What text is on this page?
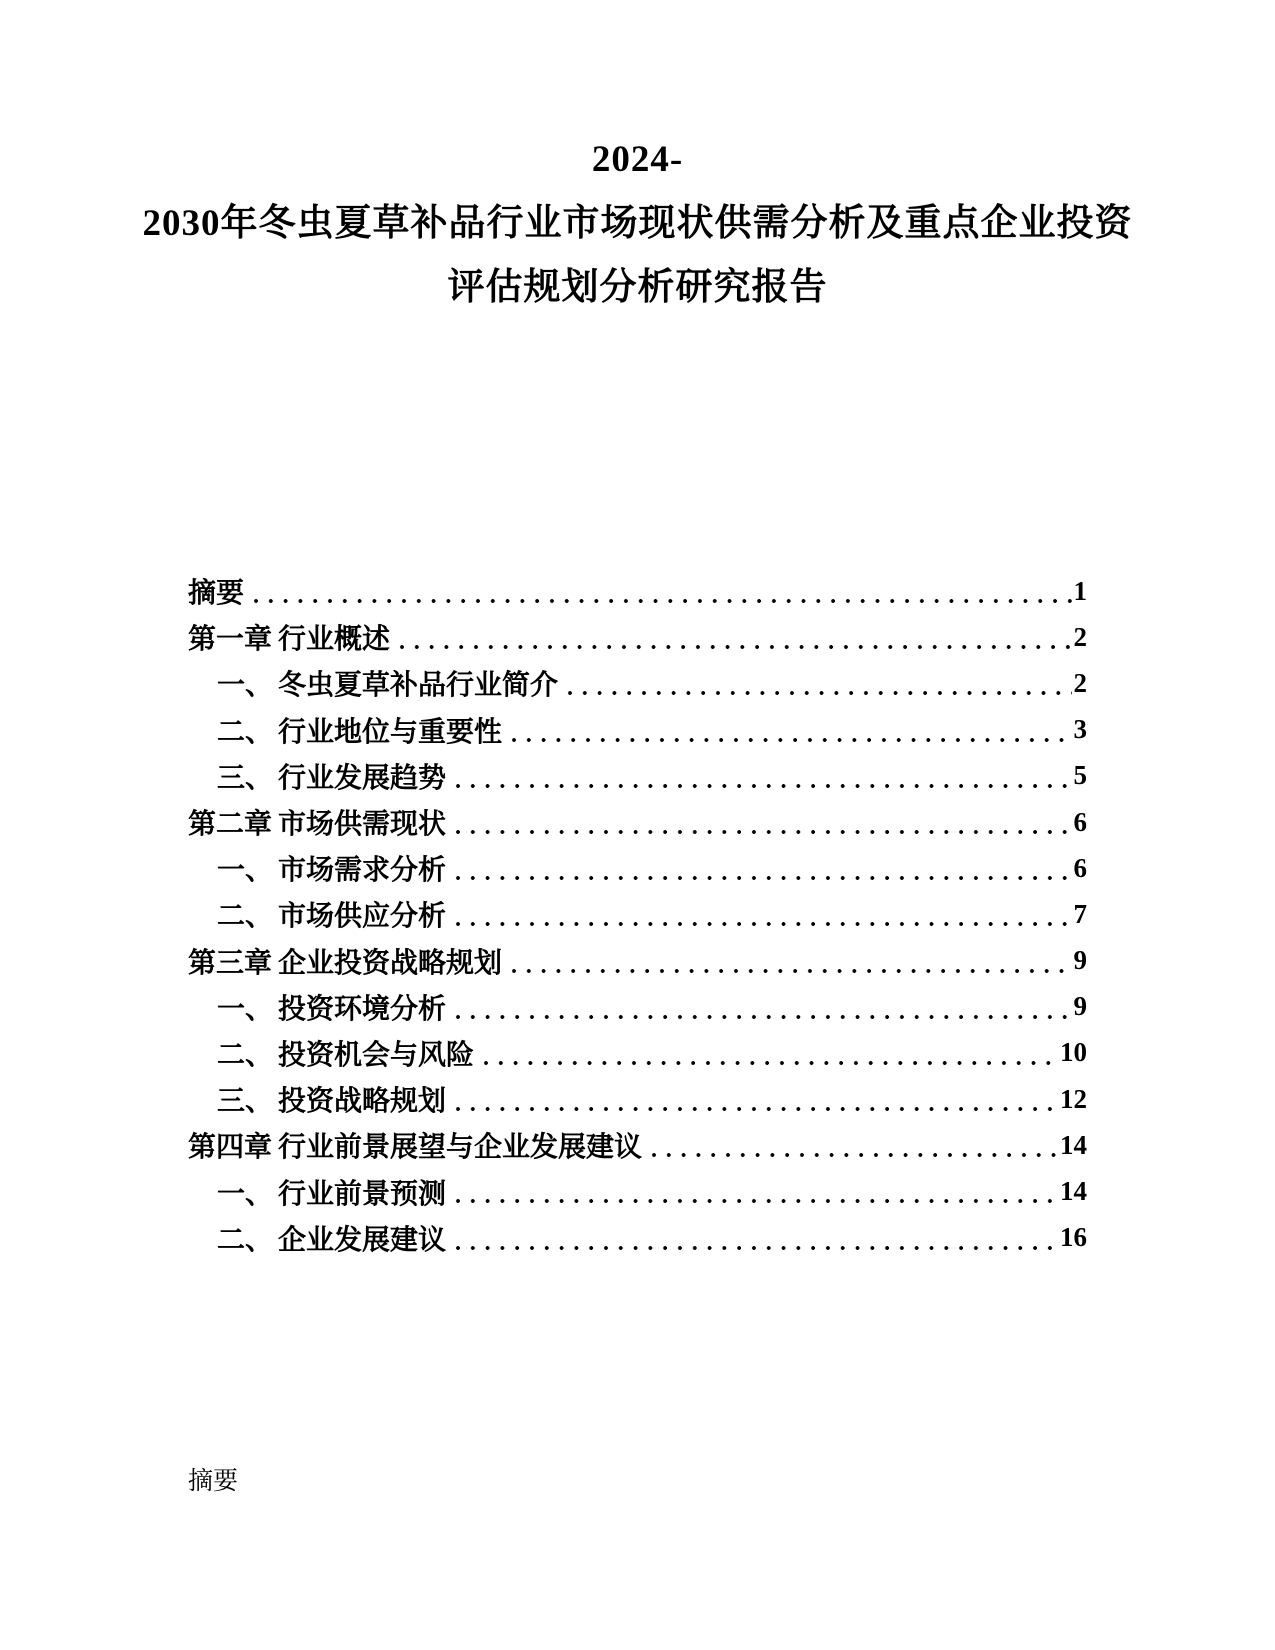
2024-
2030年冬虫夏草补品行业市场现状供需分析及重点企业投资
评估规划分析研究报告
摘要	1
第一章 行业概述	2
一、 冬虫夏草补品行业简介	2
二、 行业地位与重要性	3
三、 行业发展趋势	5
第二章 市场供需现状	6
一、 市场需求分析	6
二、 市场供应分析	7
第三章 企业投资战略规划	9
一、 投资环境分析	9
二、 投资机会与风险	10
三、 投资战略规划	12
第四章 行业前景展望与企业发展建议	14
一、 行业前景预测	14
二、 企业发展建议	16
摘要
